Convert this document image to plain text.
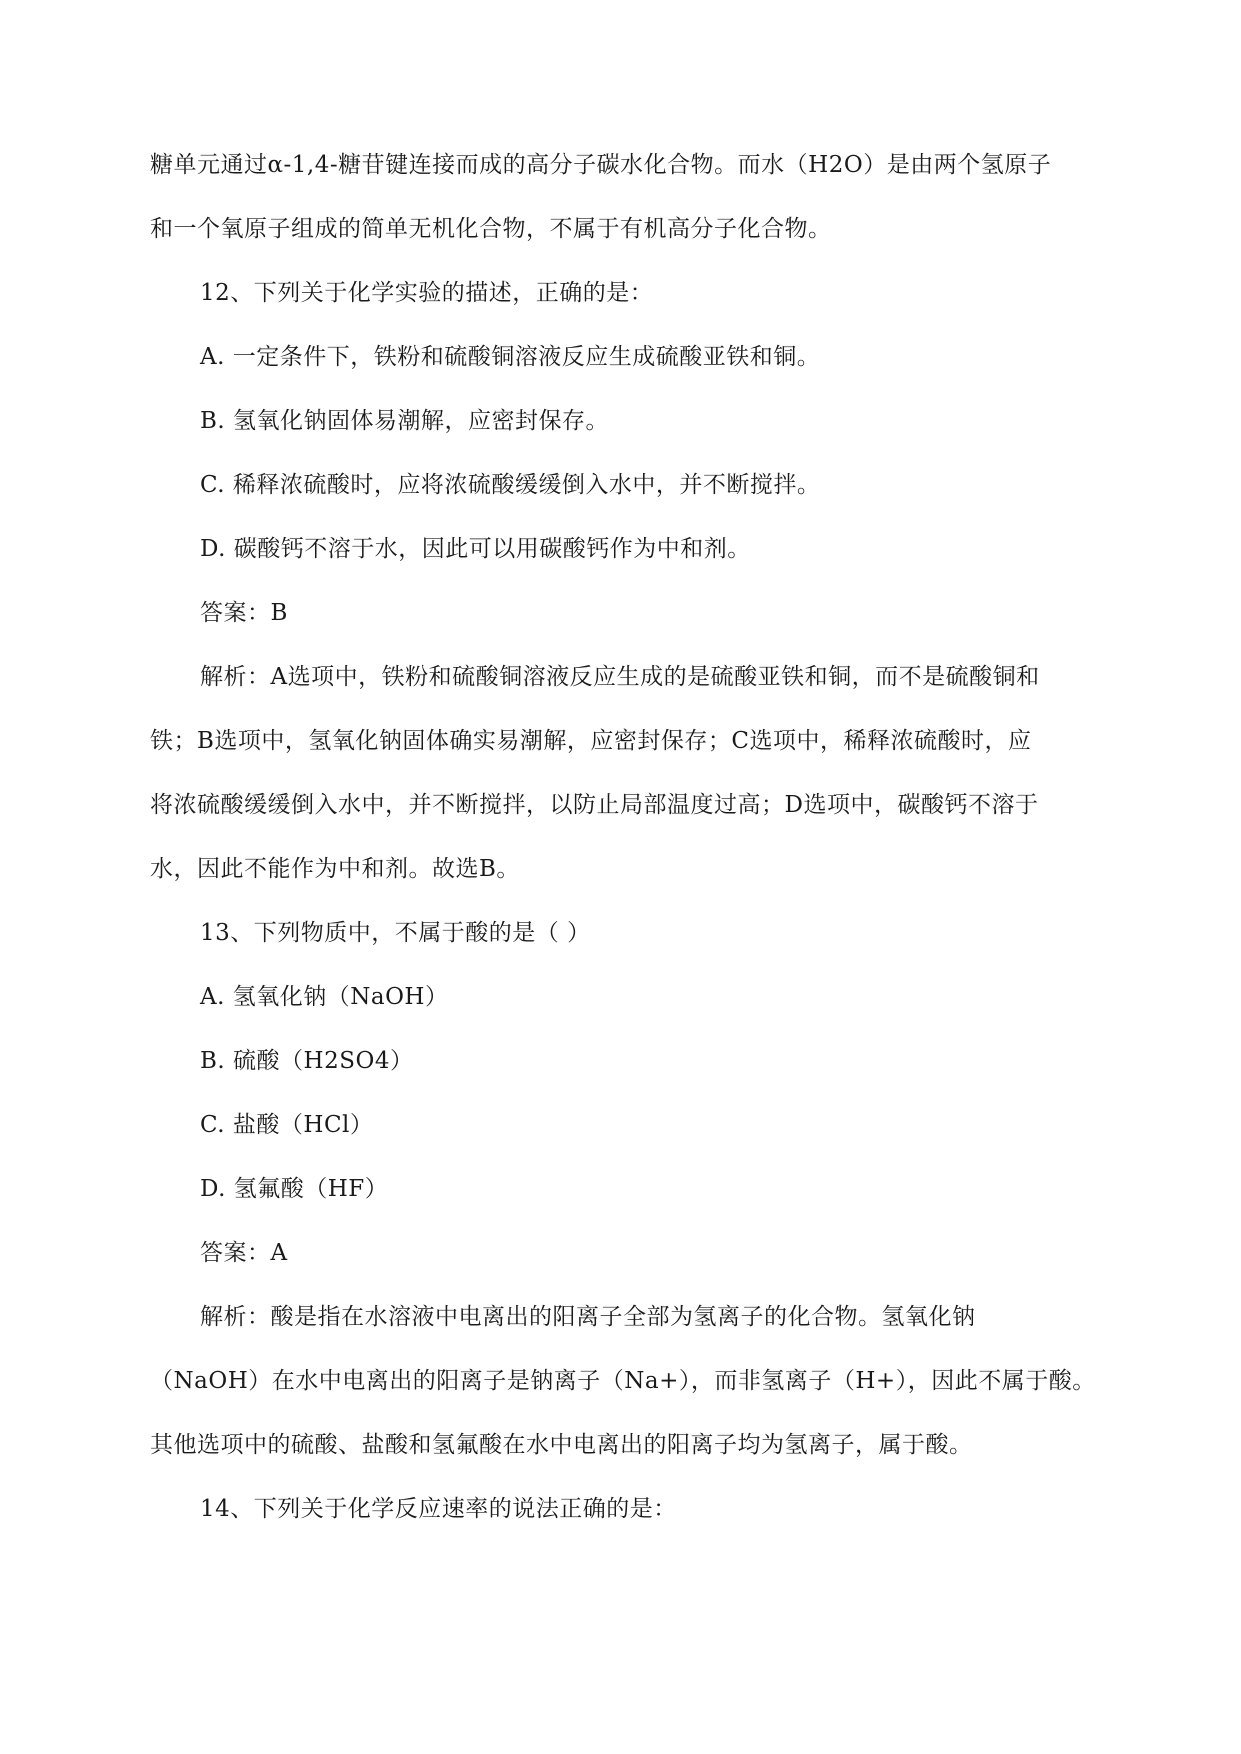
糖单元通过α-1,4-糖苷键连接而成的高分子碳水化合物。而水（H2O）是由两个氢原子
和一个氧原子组成的简单无机化合物，不属于有机高分子化合物。
12、下列关于化学实验的描述，正确的是：
A. 一定条件下，铁粉和硫酸铜溶液反应生成硫酸亚铁和铜。
B. 氢氧化钠固体易潮解，应密封保存。
C. 稀释浓硫酸时，应将浓硫酸缓缓倒入水中，并不断搅拌。
D. 碳酸钙不溶于水，因此可以用碳酸钙作为中和剂。
答案：B
解析：A选项中，铁粉和硫酸铜溶液反应生成的是硫酸亚铁和铜，而不是硫酸铜和
铁；B选项中，氢氧化钠固体确实易潮解，应密封保存；C选项中，稀释浓硫酸时，应
将浓硫酸缓缓倒入水中，并不断搅拌，以防止局部温度过高；D选项中，碳酸钙不溶于
水，因此不能作为中和剂。故选B。
13、下列物质中，不属于酸的是（ ）
A. 氢氧化钠（NaOH）
B. 硫酸（H2SO4）
C. 盐酸（HCl）
D. 氢氟酸（HF）
答案：A
解析：酸是指在水溶液中电离出的阳离子全部为氢离子的化合物。氢氧化钠
（NaOH）在水中电离出的阳离子是钠离子（Na+），而非氢离子（H+），因此不属于酸。
其他选项中的硫酸、盐酸和氢氟酸在水中电离出的阳离子均为氢离子，属于酸。
14、下列关于化学反应速率的说法正确的是：
